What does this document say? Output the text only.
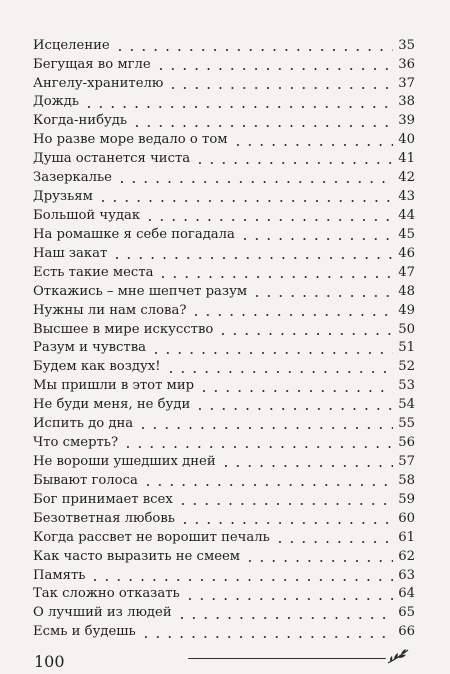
Исцеление	35
Бегущая во мгле	36
Ангелу-хранителю	37
Дождь	38
Когда-нибудь	39
Но разве море ведало о том	40
Душа останется чиста	41
Зазеркалье	42
Друзьям	43
Большой чудак	44
На ромашке я себе погадала	45
Наш закат	46
Есть такие места	47
Откажись – мне шепчет разум	48
Нужны ли нам слова?	49
Высшее в мире искусство	50
Разум и чувства	51
Будем как воздух!	52
Мы пришли в этот мир	53
Не буди меня, не буди	54
Испить до дна	55
Что смерть?	56
Не вороши ушедших дней	57
Бывают голоса	58
Бог принимает всех	59
Безответная любовь	60
Когда рассвет не ворошит печаль	61
Как часто выразить не смеем	62
Память	63
Так сложно отказать	64
О лучший из людей	65
Есмь и будешь	66
100
